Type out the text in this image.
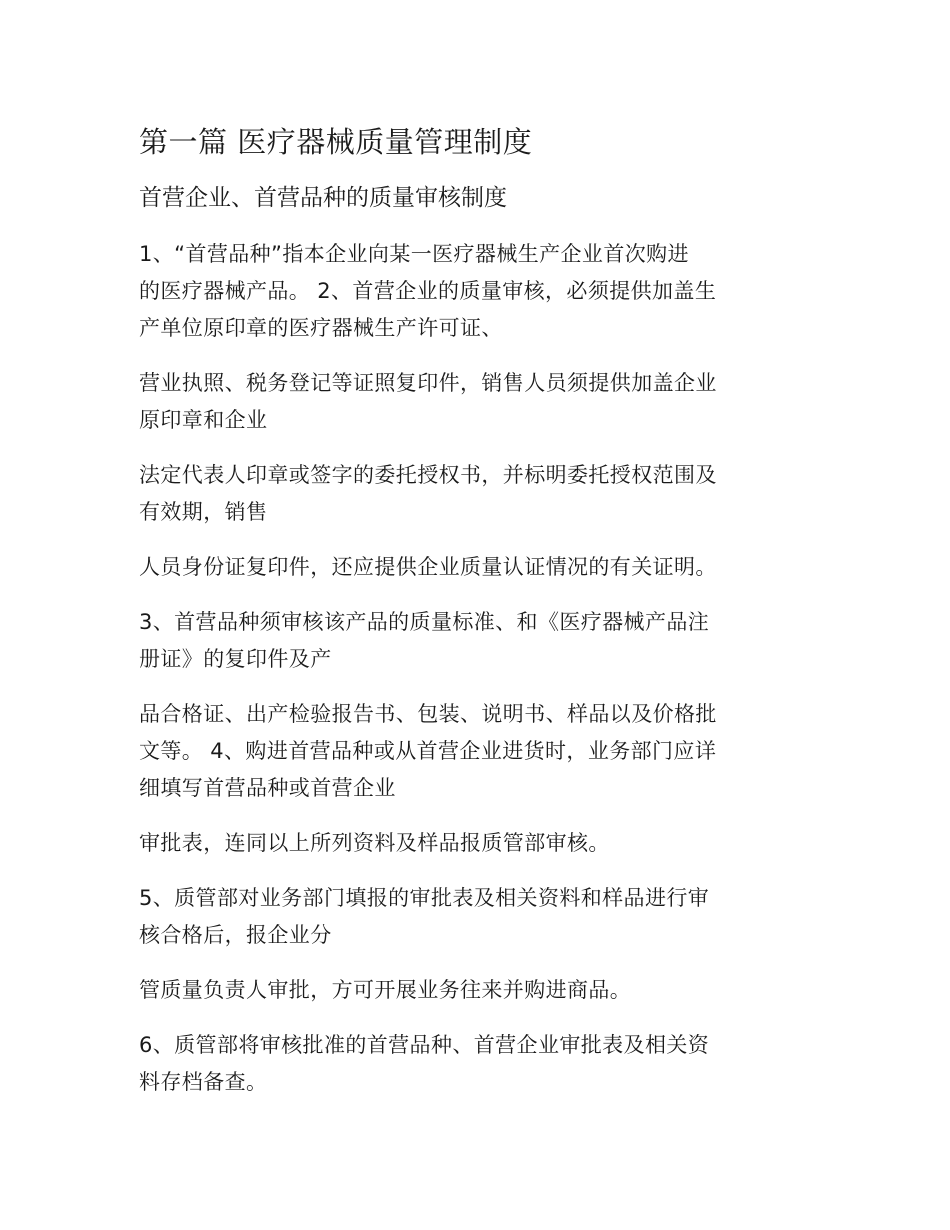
第一篇 医疗器械质量管理制度
首营企业、首营品种的质量审核制度
1、“首营品种”指本企业向某一医疗器械生产企业首次购进
的医疗器械产品。 2、首营企业的质量审核，必须提供加盖生
产单位原印章的医疗器械生产许可证、
营业执照、税务登记等证照复印件，销售人员须提供加盖企业
原印章和企业
法定代表人印章或签字的委托授权书，并标明委托授权范围及
有效期，销售
人员身份证复印件，还应提供企业质量认证情况的有关证明。
3、首营品种须审核该产品的质量标准、和《医疗器械产品注
册证》的复印件及产
品合格证、出产检验报告书、包装、说明书、样品以及价格批
文等。 4、购进首营品种或从首营企业进货时，业务部门应详
细填写首营品种或首营企业
审批表，连同以上所列资料及样品报质管部审核。
5、质管部对业务部门填报的审批表及相关资料和样品进行审
核合格后，报企业分
管质量负责人审批，方可开展业务往来并购进商品。
6、质管部将审核批准的首营品种、首营企业审批表及相关资
料存档备查。
